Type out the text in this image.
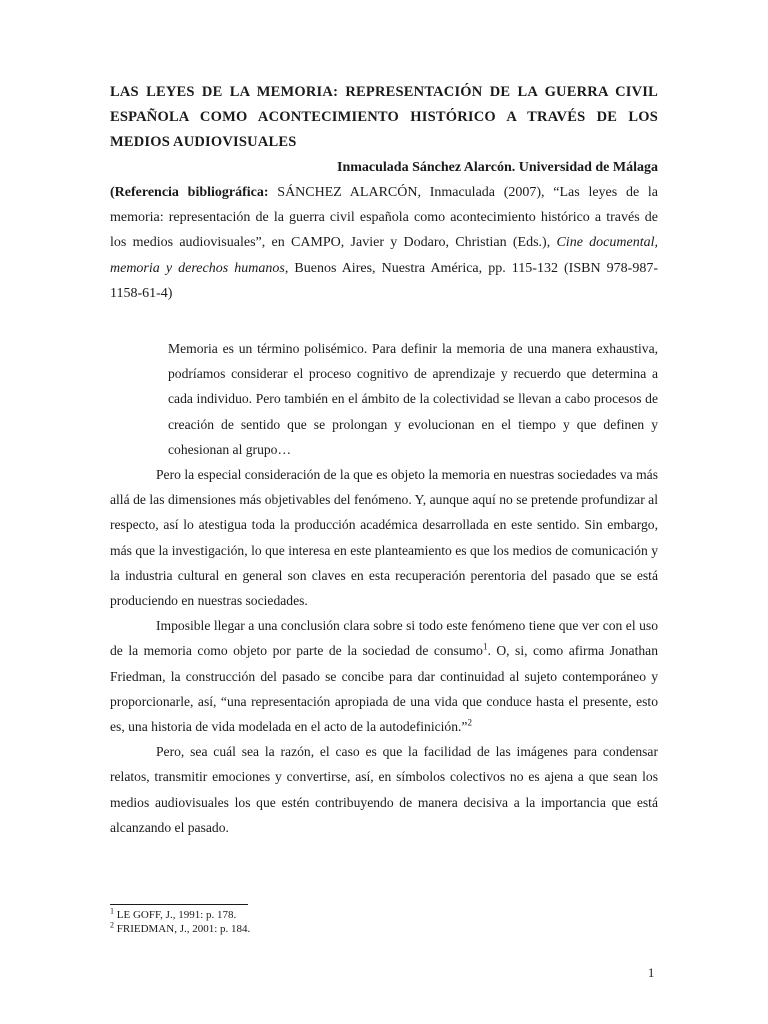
LAS LEYES DE LA MEMORIA: REPRESENTACIÓN DE LA GUERRA CIVIL ESPAÑOLA COMO ACONTECIMIENTO HISTÓRICO A TRAVÉS DE LOS MEDIOS AUDIOVISUALES

Inmaculada Sánchez Alarcón. Universidad de Málaga

(Referencia bibliográfica: SÁNCHEZ ALARCÓN, Inmaculada (2007), “Las leyes de la memoria: representación de la guerra civil española como acontecimiento histórico a través de los medios audiovisuales”, en CAMPO, Javier y Dodaro, Christian (Eds.), Cine documental, memoria y derechos humanos, Buenos Aires, Nuestra América, pp. 115-132 (ISBN 978-987-1158-61-4)

Memoria es un término polisémico. Para definir la memoria de una manera exhaustiva, podríamos considerar el proceso cognitivo de aprendizaje y recuerdo que determina a cada individuo. Pero también en el ámbito de la colectividad se llevan a cabo procesos de creación de sentido que se prolongan y evolucionan en el tiempo y que definen y cohesionan al grupo…

Pero la especial consideración de la que es objeto la memoria en nuestras sociedades va más allá de las dimensiones más objetivables del fenómeno. Y, aunque aquí no se pretende profundizar al respecto, así lo atestigua toda la producción académica desarrollada en este sentido. Sin embargo, más que la investigación, lo que interesa en este planteamiento es que los medios de comunicación y la industria cultural en general son claves en esta recuperación perentoria del pasado que se está produciendo en nuestras sociedades.

Imposible llegar a una conclusión clara sobre si todo este fenómeno tiene que ver con el uso de la memoria como objeto por parte de la sociedad de consumo$^1$. O, si, como afirma Jonathan Friedman, la construcción del pasado se concibe para dar continuidad al sujeto contemporáneo y proporcionarle, así, “una representación apropiada de una vida que conduce hasta el presente, esto es, una historia de vida modelada en el acto de la autodefinición.”$^2$

Pero, sea cuál sea la razón, el caso es que la facilidad de las imágenes para condensar relatos, transmitir emociones y convertirse, así, en símbolos colectivos no es ajena a que sean los medios audiovisuales los que estén contribuyendo de manera decisiva a la importancia que está alcanzando el pasado.

$^1$ LE GOFF, J., 1991: p. 178.

$^2$ FRIEDMAN, J., 2001: p. 184.

1
